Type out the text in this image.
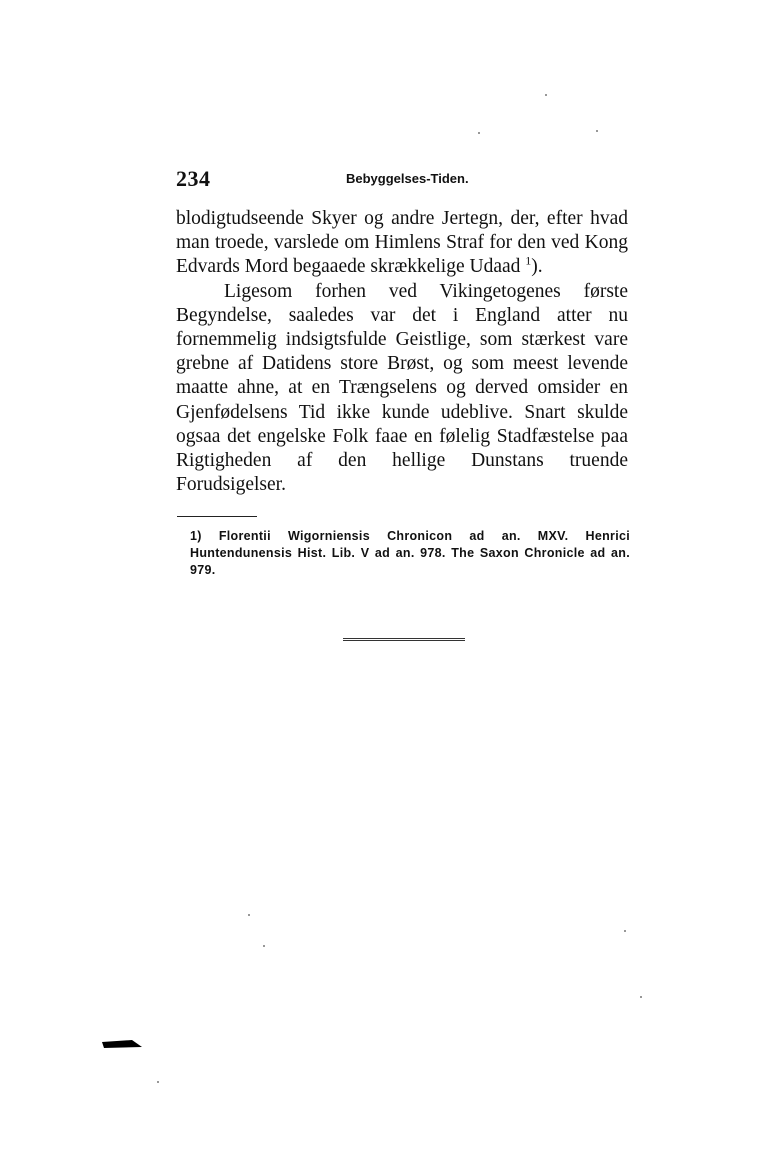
234	Bebyggelses-Tiden.

blodigtudseende Skyer og andre Jertegn, der, efter hvad man troede, varslede om Himlens Straf for den ved Kong Edvards Mord begaaede skrækkelige Udaad $^1$).

Ligesom forhen ved Vikingetogenes første Begyndelse, saaledes var det i England atter nu fornemmelig indsigtsfulde Geistlige, som stærkest vare grebne af Datidens store Brøst, og som meest levende maatte ahne, at en Trængselens og derved omsider en Gjenfødelsens Tid ikke kunde udeblive. Snart skulde ogsaa det engelske Folk faae en følelig Stadfæstelse paa Rigtigheden af den hellige Dunstans truende Forudsigelser.

1) Florentii Wigorniensis Chronicon ad an. MXV. Henrici Huntendunensis Hist. Lib. V ad an. 978. The Saxon Chronicle ad an. 979.
